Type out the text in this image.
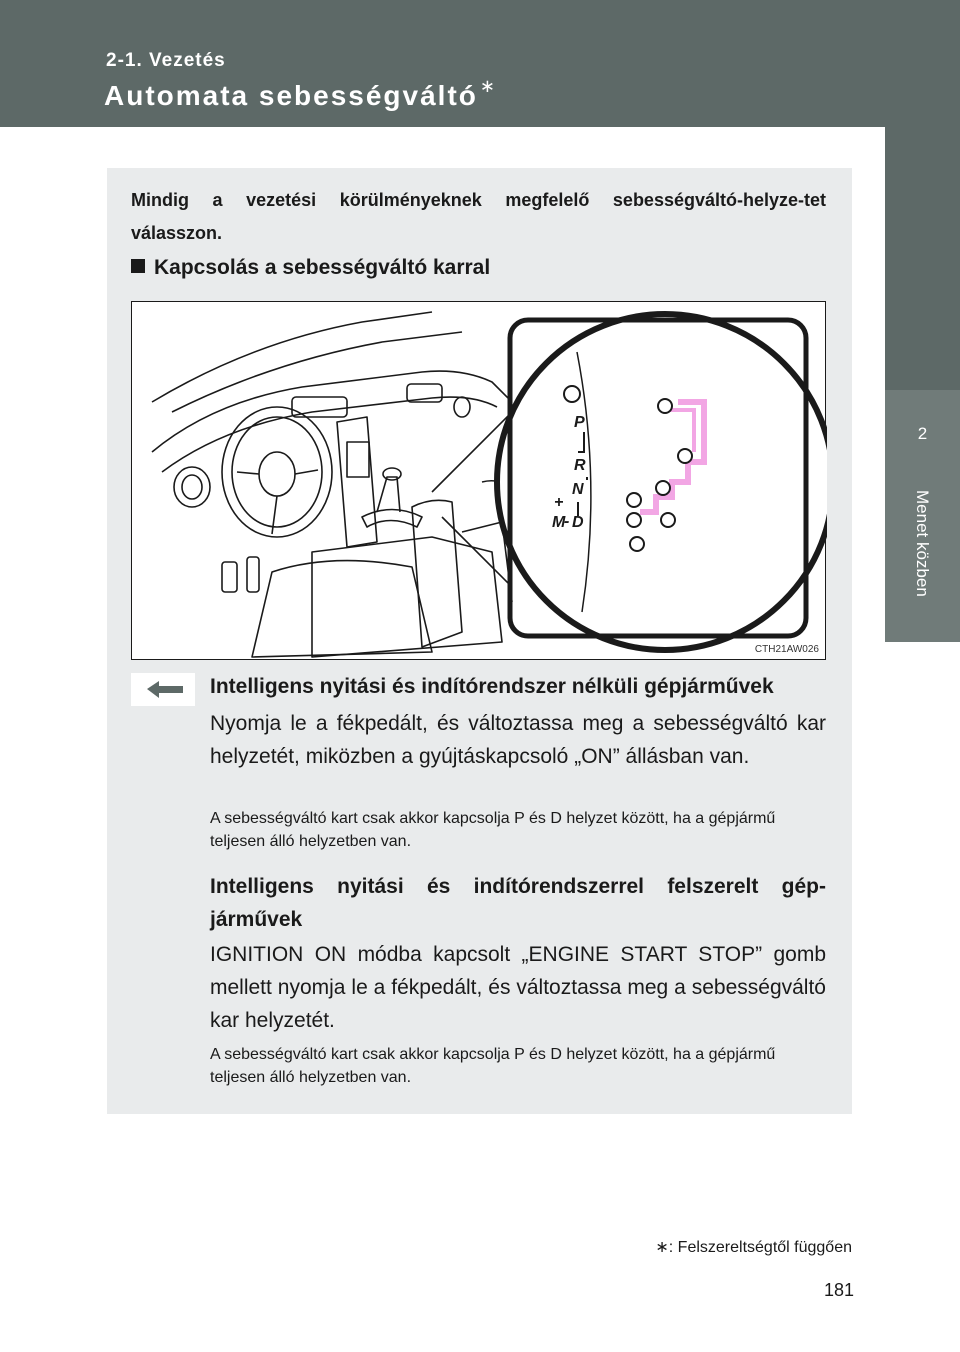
2-1. Vezetés
Automata sebességváltó ∗
2
Menet közben
Mindig a vezetési körülményeknek megfelelő sebességváltó-helyze-tet válasszon.
Kapcsolás a sebességváltó karral
P
R
N
D
M
+
-
CTH21AW026
Intelligens nyitási és indítórendszer nélküli gépjárművek
Nyomja le a fékpedált, és változtassa meg a sebességváltó kar helyzetét, miközben a gyújtáskapcsoló „ON” állásban van.
A sebességváltó kart csak akkor kapcsolja P és D helyzet között, ha a gépjármű teljesen álló helyzetben van.
Intelligens nyitási és indítórendszerrel felszerelt gép-járművek
IGNITION ON módba kapcsolt „ENGINE START STOP” gomb mellett nyomja le a fékpedált, és változtassa meg a sebességváltó kar helyzetét.
A sebességváltó kart csak akkor kapcsolja P és D helyzet között, ha a gépjármű teljesen álló helyzetben van.
∗: Felszereltségtől függően
181
